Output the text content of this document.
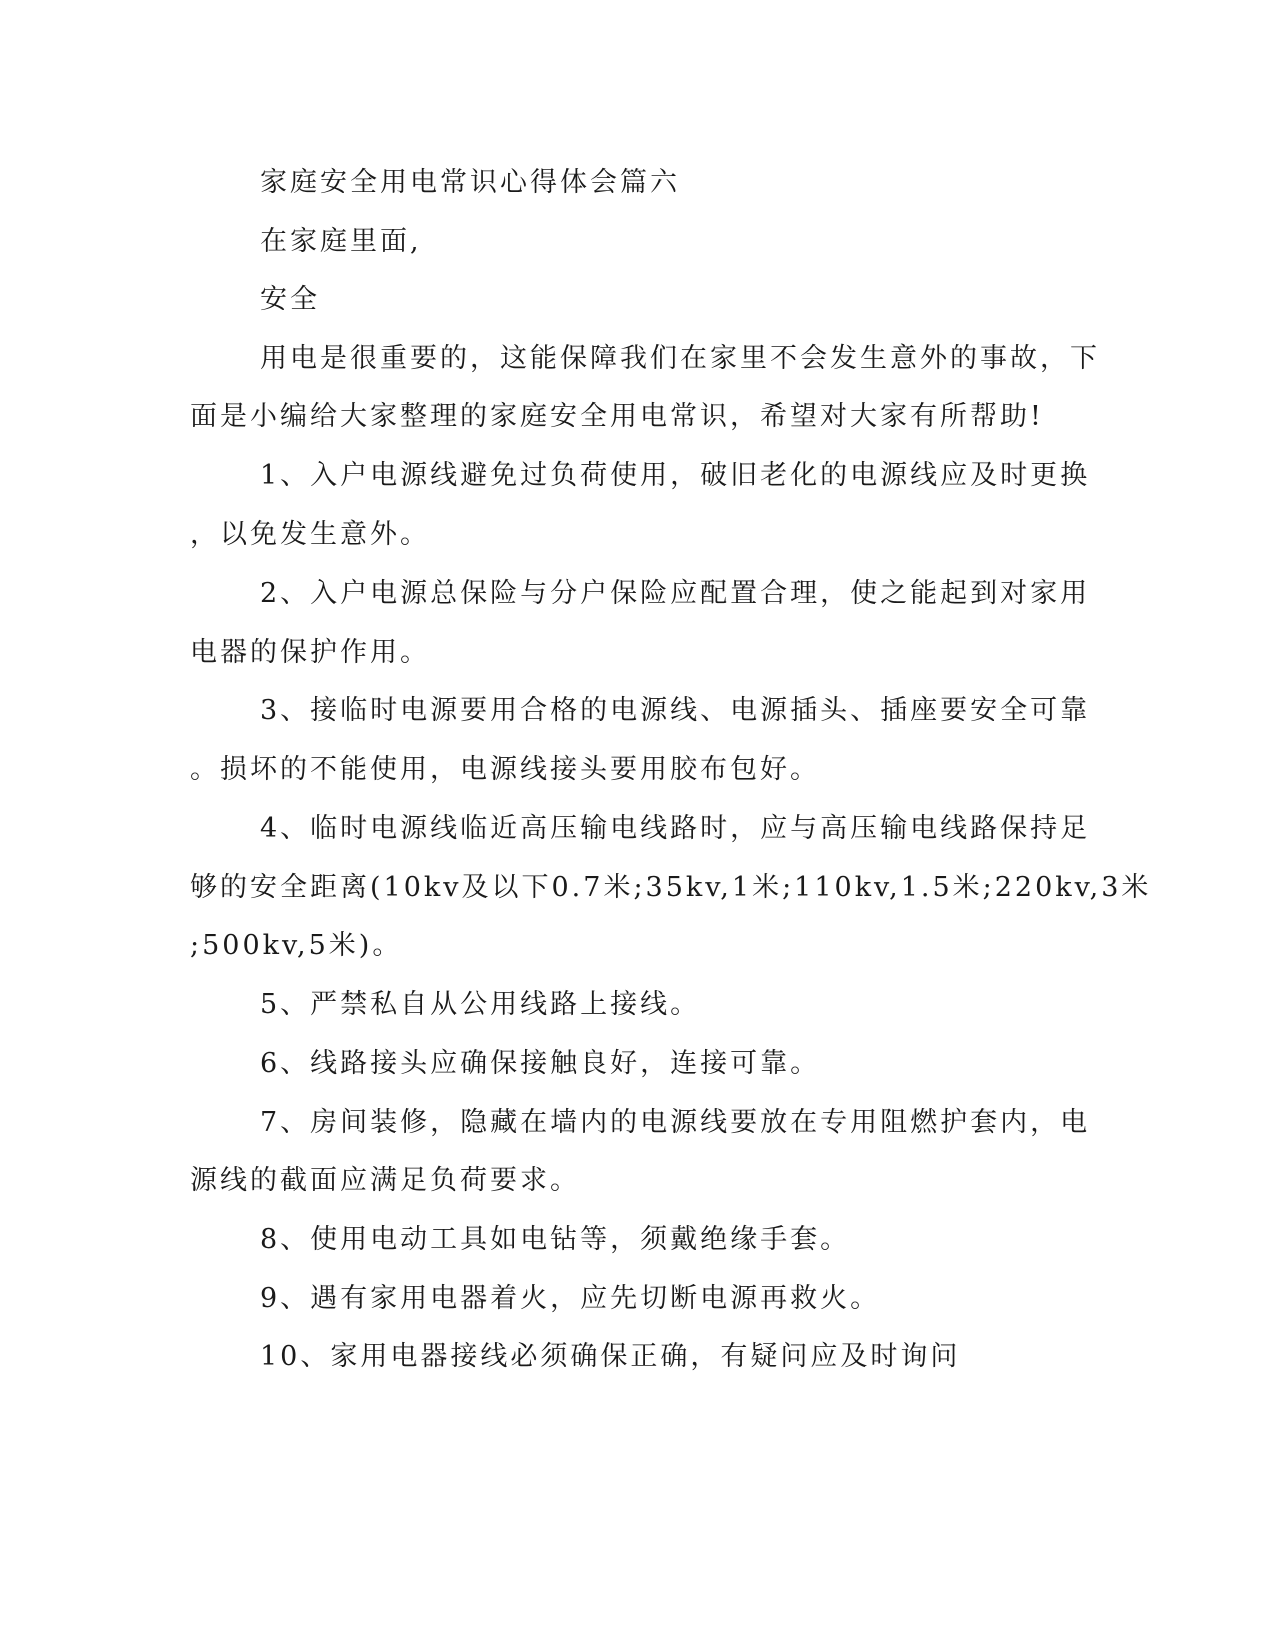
家庭安全用电常识心得体会篇六
在家庭里面,
安全
用电是很重要的，这能保障我们在家里不会发生意外的事故，下
面是小编给大家整理的家庭安全用电常识，希望对大家有所帮助!
1、入户电源线避免过负荷使用，破旧老化的电源线应及时更换
，以免发生意外。
2、入户电源总保险与分户保险应配置合理，使之能起到对家用
电器的保护作用。
3、接临时电源要用合格的电源线、电源插头、插座要安全可靠
。损坏的不能使用，电源线接头要用胶布包好。
4、临时电源线临近高压输电线路时，应与高压输电线路保持足
够的安全距离(10kv及以下0.7米;35kv,1米;110kv,1.5米;220kv,3米
;500kv,5米)。
5、严禁私自从公用线路上接线。
6、线路接头应确保接触良好，连接可靠。
7、房间装修，隐藏在墙内的电源线要放在专用阻燃护套内，电
源线的截面应满足负荷要求。
8、使用电动工具如电钻等，须戴绝缘手套。
9、遇有家用电器着火，应先切断电源再救火。
10、家用电器接线必须确保正确，有疑问应及时询问
